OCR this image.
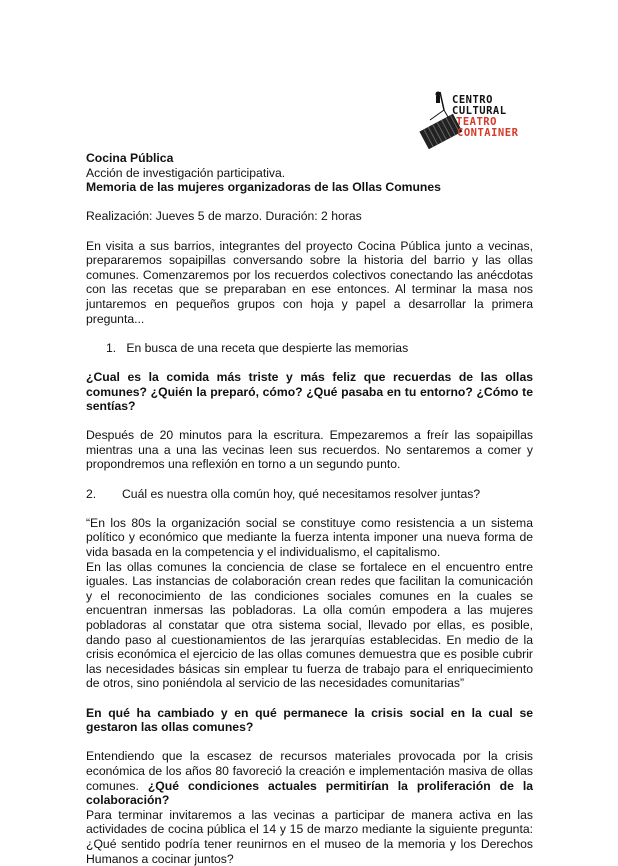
CENTRO
CULTURAL
TEATRO
CONTAINER

Cocina Pública

Acción de investigación participativa.

Memoria de las mujeres organizadoras de las Ollas Comunes

Realización: Jueves 5 de marzo. Duración: 2 horas

En visita a sus barrios, integrantes del proyecto Cocina Pública junto a vecinas, prepararemos sopaipillas conversando sobre la historia del barrio y las ollas comunes. Comenzaremos por los recuerdos colectivos conectando las anécdotas con las recetas que se preparaban en ese entonces. Al terminar la masa nos juntaremos en pequeños grupos con hoja y papel a desarrollar la primera pregunta...

1. En busca de una receta que despierte las memorias

¿Cual es la comida más triste y más feliz que recuerdas de las ollas comunes? ¿Quién la preparó, cómo? ¿Qué pasaba en tu entorno? ¿Cómo te sentías?

Después de 20 minutos para la escritura. Empezaremos a freír las sopaipillas mientras una a una las vecinas leen sus recuerdos. No sentaremos a comer y propondremos una reflexión en torno a un segundo punto.

2. Cuál es nuestra olla común hoy, qué necesitamos resolver juntas?

“En los 80s la organización social se constituye como resistencia a un sistema político y económico que mediante la fuerza intenta imponer una nueva forma de vida basada en la competencia y el individualismo, el capitalismo.

En las ollas comunes la conciencia de clase se fortalece en el encuentro entre iguales. Las instancias de colaboración crean redes que facilitan la comunicación y el reconocimiento de las condiciones sociales comunes en la cuales se encuentran inmersas las pobladoras. La olla común empodera a las mujeres pobladoras al constatar que otra sistema social, llevado por ellas, es posible, dando paso al cuestionamientos de las jerarquías establecidas. En medio de la crisis económica el ejercicio de las ollas comunes demuestra que es posible cubrir las necesidades básicas sin emplear tu fuerza de trabajo para el enriquecimiento de otros, sino poniéndola al servicio de las necesidades comunitarias”

En qué ha cambiado y en qué permanece la crisis social en la cual se gestaron las ollas comunes?

Entendiendo que la escasez de recursos materiales provocada por la crisis económica de los años 80 favoreció la creación e implementación masiva de ollas comunes. ¿Qué condiciones actuales permitirían la proliferación de la colaboración?

Para terminar invitaremos a las vecinas a participar de manera activa en las actividades de cocina pública el 14 y 15 de marzo mediante la siguiente pregunta: ¿Qué sentido podría tener reunirnos en el museo de la memoria y los Derechos Humanos a cocinar juntos?
